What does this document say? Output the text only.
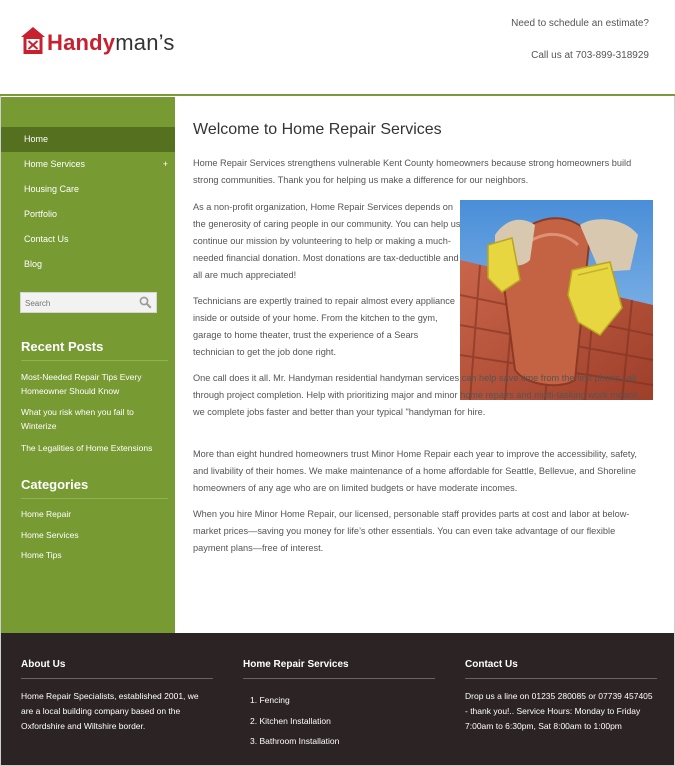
Handyman’s
Need to schedule an estimate?
Call us at 703-899-318929
Home
Home Services	+
Housing Care
Portfolio
Contact Us
Blog
Search
Recent Posts
Most-Needed Repair Tips Every Homeowner Should Know
What you risk when you fail to Winterize
The Legalities of Home Extensions
Categories
Home Repair
Home Services
Home Tips
Welcome to Home Repair Services

Home Repair Services strengthens vulnerable Kent County homeowners because strong homeowners build strong communities. Thank you for helping us make a difference for our neighbors.

As a non-profit organization, Home Repair Services depends on the generosity of caring people in our community. You can help us continue our mission by volunteering to help or making a much-needed financial donation. Most donations are tax-deductible and all are much appreciated!

Technicians are expertly trained to repair almost every appliance inside or outside of your home. From the kitchen to the gym, garage to home theater, trust the experience of a Sears technician to get the job done right.

One call does it all. Mr. Handyman residential handyman services can help save time from the first phone call through project completion. Help with prioritizing major and minor home repairs and multi-tasking work means we complete jobs faster and better than your typical "handyman for hire.

More than eight hundred homeowners trust Minor Home Repair each year to improve the accessibility, safety, and livability of their homes. We make maintenance of a home affordable for Seattle, Bellevue, and Shoreline homeowners of any age who are on limited budgets or have moderate incomes.

When you hire Minor Home Repair, our licensed, personable staff provides parts at cost and labor at below-market prices—saving you money for life’s other essentials. You can even take advantage of our flexible payment plans—free of interest.

About Us
Home Repair Specialists, established 2001, we are a local building company based on the Oxfordshire and Wiltshire border.
Home Repair Services
1. Fencing
2. Kitchen Installation
3. Bathroom Installation
Contact Us
Drop us a line on 01235 280085 or 07739 457405 - thank you!.. Service Hours: Monday to Friday 7:00am to 6:30pm, Sat 8:00am to 1:00pm
